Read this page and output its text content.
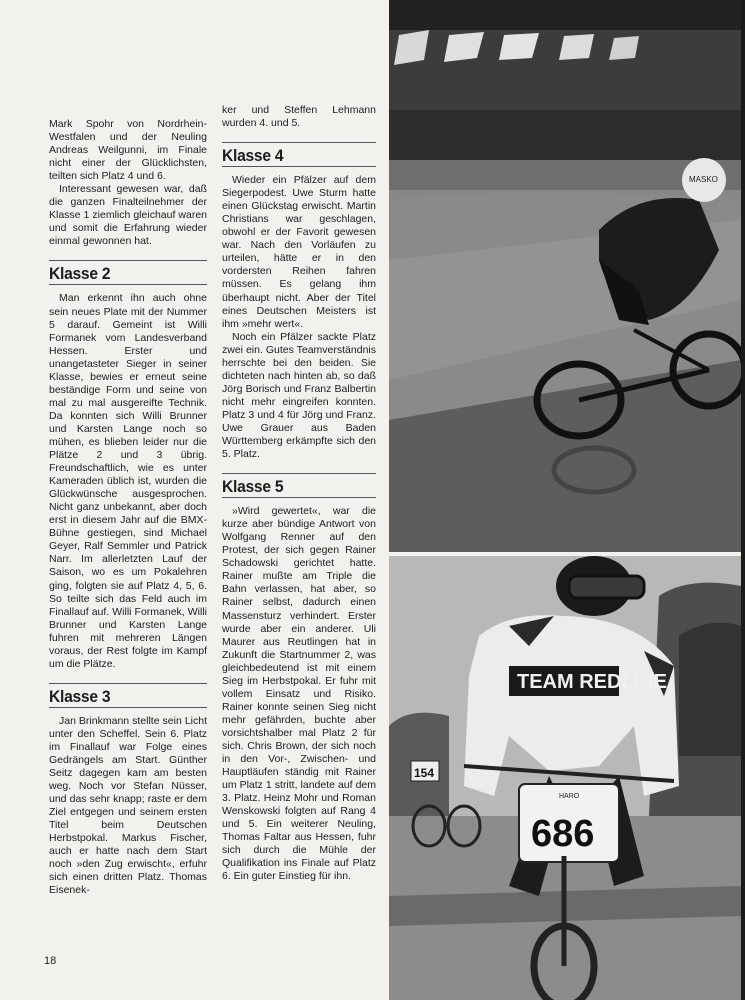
Mark Spohr von Nordrhein-Westfalen und der Neuling Andreas Weilgunni, im Finale nicht einer der Glücklichsten, teilten sich Platz 4 und 6.

Interessant gewesen war, daß die ganzen Finalteilnehmer der Klasse 1 ziemlich gleichauf waren und somit die Erfahrung wieder einmal gewonnen hat.

Klasse 2

Man erkennt ihn auch ohne sein neues Plate mit der Nummer 5 darauf. Gemeint ist Willi Formanek vom Landesverband Hessen. Erster und unangetasteter Sieger in seiner Klasse, bewies er erneut seine beständige Form und seine von mal zu mal ausgereifte Technik. Da konnten sich Willi Brunner und Karsten Lange noch so mühen, es blieben leider nur die Plätze 2 und 3 übrig. Freundschaftlich, wie es unter Kameraden üblich ist, wurden die Glückwünsche ausgesprochen. Nicht ganz unbekannt, aber doch erst in diesem Jahr auf die BMX-Bühne gestiegen, sind Michael Geyer, Ralf Semmler und Patrick Narr. Im allerletzten Lauf der Saison, wo es um Pokalehren ging, folgten sie auf Platz 4, 5, 6. So teilte sich das Feld auch im Finallauf auf. Willi Formanek, Willi Brunner und Karsten Lange fuhren mit mehreren Längen voraus, der Rest folgte im Kampf um die Plätze.

Klasse 3

Jan Brinkmann stellte sein Licht unter den Scheffel. Sein 6. Platz im Finallauf war Folge eines Gedrängels am Start. Günther Seitz dagegen kam am besten weg. Noch vor Stefan Nüsser, und das sehr knapp; raste er dem Ziel entgegen und seinem ersten Titel beim Deutschen Herbstpokal. Markus Fischer, auch er hatte nach dem Start noch »den Zug erwischt«, erfuhr sich einen dritten Platz. Thomas Eisenek-

ker und Steffen Lehmann wurden 4. und 5.

Klasse 4

Wieder ein Pfälzer auf dem Siegerpodest. Uwe Sturm hatte einen Glückstag erwischt. Martin Christians war geschlagen, obwohl er der Favorit gewesen war. Nach den Vorläufen zu urteilen, hätte er in den vordersten Reihen fahren müssen. Es gelang ihm überhaupt nicht. Aber der Titel eines Deutschen Meisters ist ihm »mehr wert«.

Noch ein Pfälzer sackte Platz zwei ein. Gutes Teamverständnis herrschte bei den beiden. Sie dichteten nach hinten ab, so daß Jörg Borisch und Franz Balbertin nicht mehr eingreifen konnten. Platz 3 und 4 für Jörg und Franz. Uwe Grauer aus Baden Württemberg erkämpfte sich den 5. Platz.

Klasse 5

»Wird gewertet«, war die kurze aber bündige Antwort von Wolfgang Renner auf den Protest, der sich gegen Rainer Schadowski gerichtet hatte. Rainer mußte am Triple die Bahn verlassen, hat aber, so Rainer selbst, dadurch einen Massensturz verhindert. Erster wurde aber ein anderer. Uli Maurer aus Reutlingen hat in Zukunft die Startnummer 2, was gleichbedeutend ist mit einem Sieg im Herbstpokal. Er fuhr mit vollem Einsatz und Risiko. Rainer konnte seinen Sieg nicht mehr gefährden, buchte aber vorsichtshalber mal Platz 2 für sich. Chris Brown, der sich noch in den Vor-, Zwischen- und Hauptläufen ständig mit Rainer um Platz 1 stritt, landete auf dem 3. Platz. Heinz Mohr und Roman Wenskowski folgten auf Rang 4 und 5. Ein weiterer Neuling, Thomas Faltar aus Hessen, fuhr sich durch die Mühle der Qualifikation ins Finale auf Platz 6. Ein guter Einstieg für ihn.

18
MASKO
154
TEAM REDLINE
HARO
686
